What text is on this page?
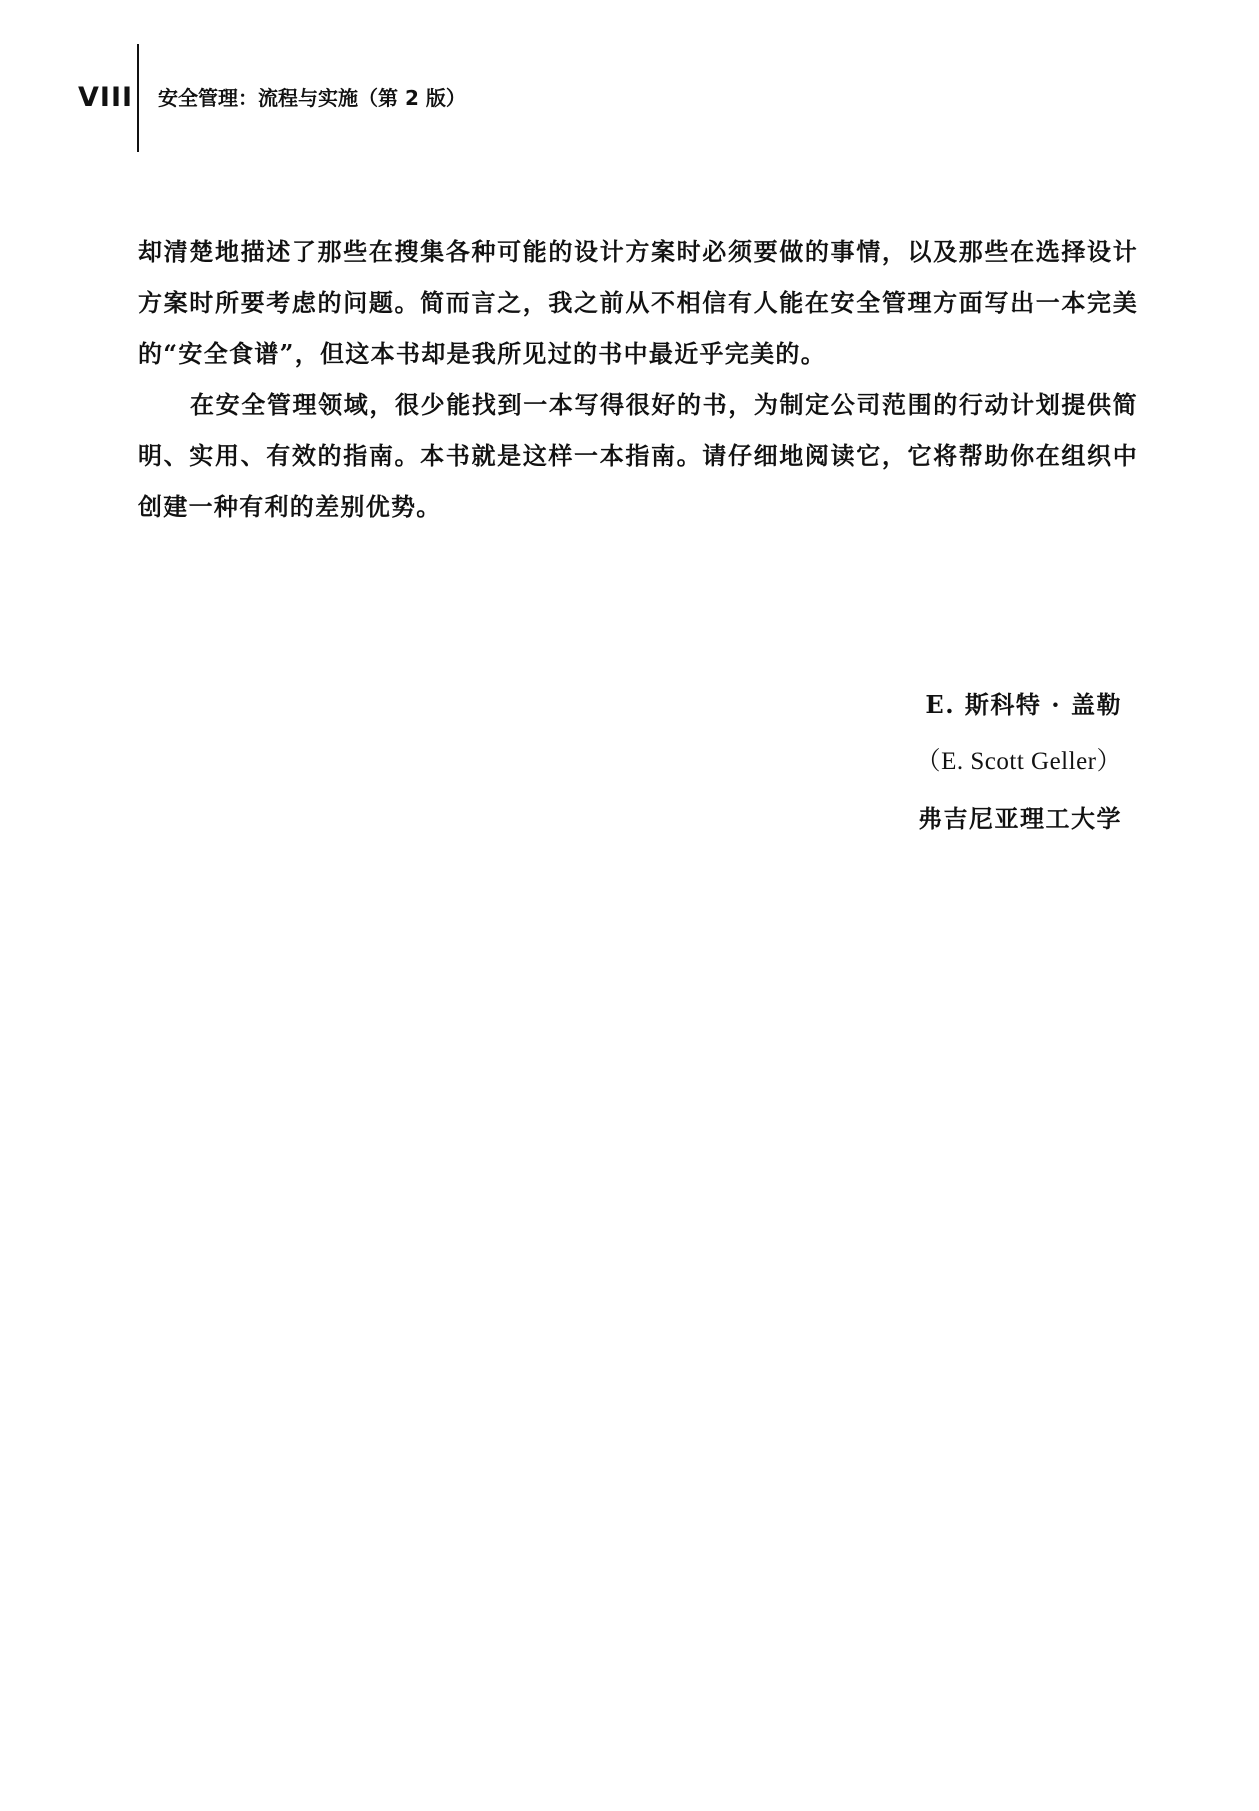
VIII 安全管理：流程与实施（第 2 版）

却清楚地描述了那些在搜集各种可能的设计方案时必须要做的事情，以及那些在选择设计方案时所要考虑的问题。简而言之，我之前从不相信有人能在安全管理方面写出一本完美的“安全食谱”，但这本书却是我所见过的书中最近乎完美的。

在安全管理领域，很少能找到一本写得很好的书，为制定公司范围的行动计划提供简明、实用、有效的指南。本书就是这样一本指南。请仔细地阅读它，它将帮助你在组织中创建一种有利的差别优势。

E. 斯科特 · 盖勒
（E. Scott Geller）
弗吉尼亚理工大学
